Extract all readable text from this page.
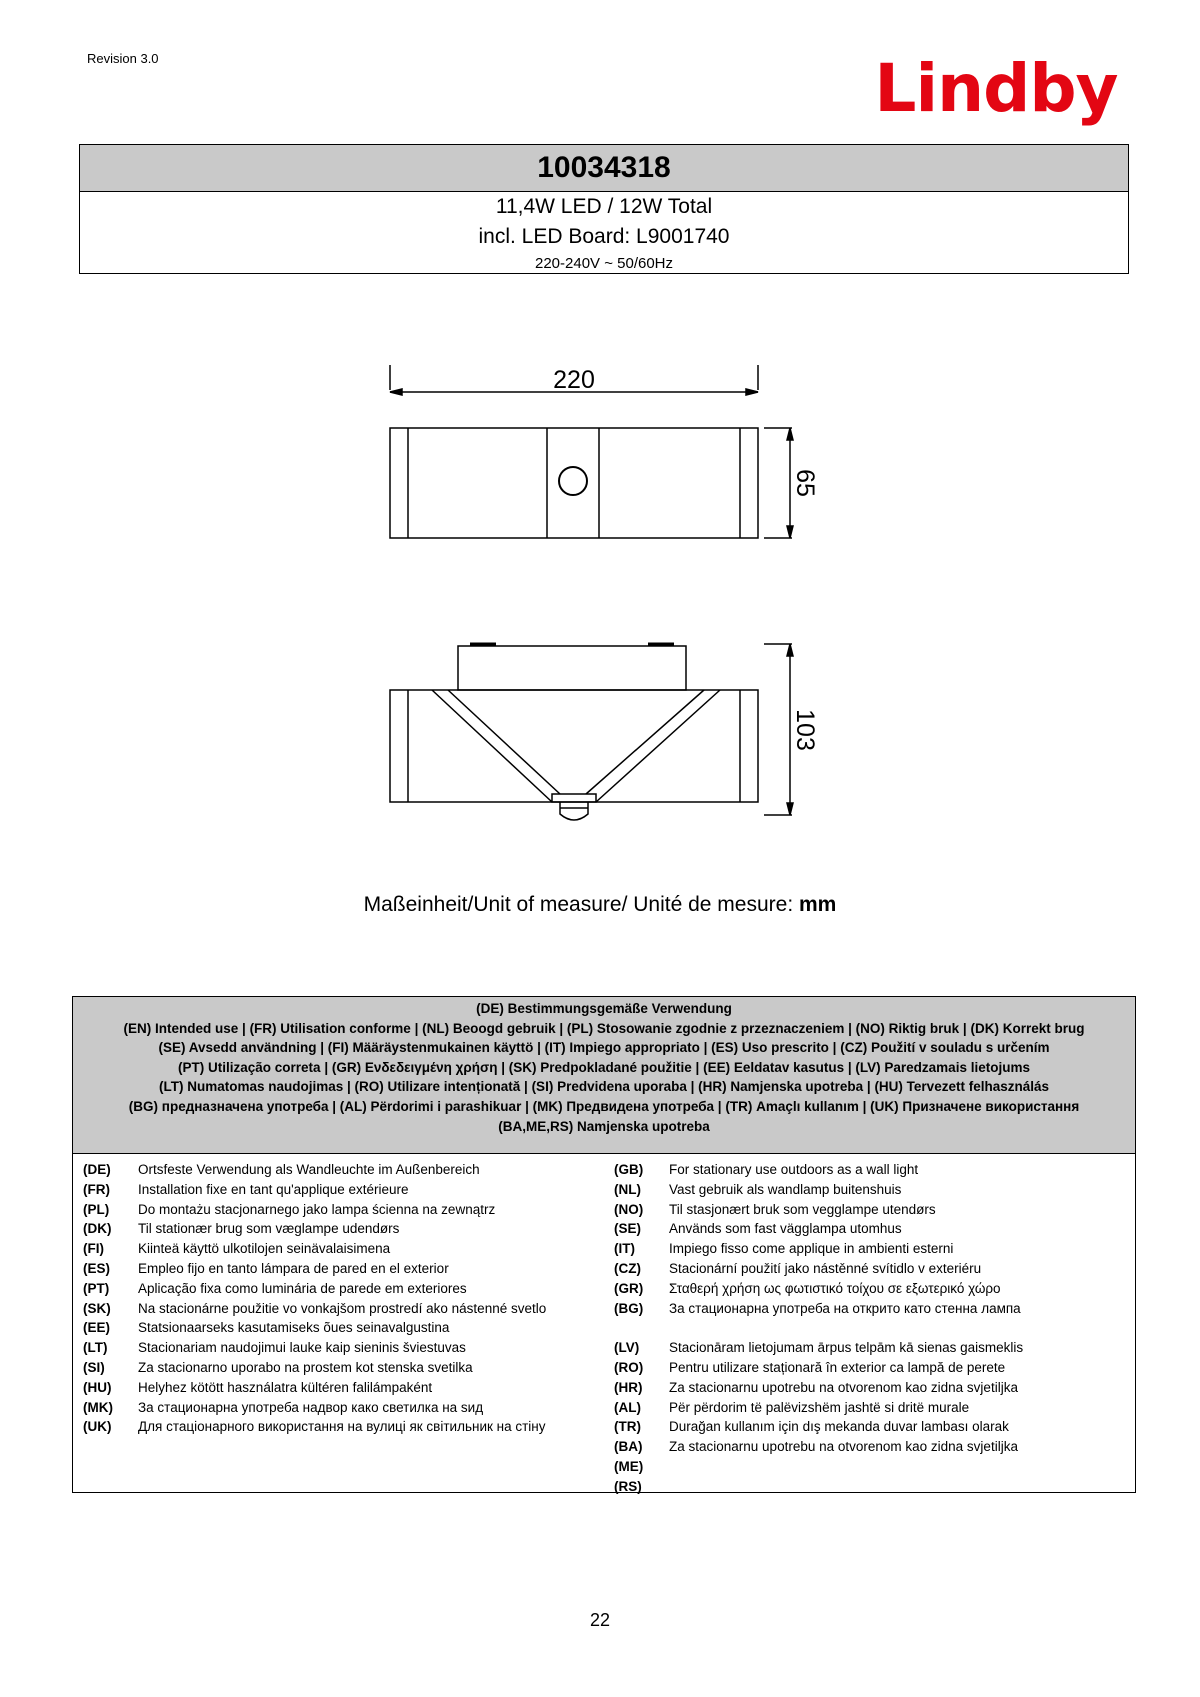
Revision 3.0	Lindby
10034318
11,4W LED / 12W Total
incl. LED Board: L9001740
220-240V ~ 50/60Hz
220
65
103
Maßeinheit/Unit of measure/ Unité de mesure: mm
(DE) Bestimmungsgemäße Verwendung
(EN) Intended use | (FR) Utilisation conforme | (NL) Beoogd gebruik | (PL) Stosowanie zgodnie z przeznaczeniem | (NO) Riktig bruk | (DK) Korrekt brug
(SE) Avsedd användning | (FI) Määräystenmukainen käyttö | (IT) Impiego appropriato | (ES) Uso prescrito | (CZ) Použití v souladu s určením
(PT) Utilização correta | (GR) Ενδεδειγμένη χρήση | (SK) Predpokladané použitie | (EE) Eeldatav kasutus | (LV) Paredzamais lietojums
(LT) Numatomas naudojimas | (RO) Utilizare intenționată | (SI) Predvidena uporaba | (HR) Namjenska upotreba | (HU) Tervezett felhasználás
(BG) предназначена употреба | (AL) Përdorimi i parashikuar | (MK) Предвидена употреба | (TR) Amaçlı kullanım | (UK) Призначене використання
(BA,ME,RS) Namjenska upotreba
(DE)	Ortsfeste Verwendung als Wandleuchte im Außenbereich
(FR)	Installation fixe en tant qu'applique extérieure
(PL)	Do montażu stacjonarnego jako lampa ścienna na zewnątrz
(DK)	Til stationær brug som væglampe udendørs
(FI)	Kiinteä käyttö ulkotilojen seinävalaisimena
(ES)	Empleo fijo en tanto lámpara de pared en el exterior
(PT)	Aplicação fixa como luminária de parede em exteriores
(SK)	Na stacionárne použitie vo vonkajšom prostredí ako nástenné svetlo
(EE)	Statsionaarseks kasutamiseks õues seinavalgustina
(LT)	Stacionariam naudojimui lauke kaip sieninis šviestuvas
(SI)	Za stacionarno uporabo na prostem kot stenska svetilka
(HU)	Helyhez kötött használatra kültéren falilámpaként
(MK)	За стационарна употреба надвор како светилка на ѕид
(UK)	Для стаціонарного використання на вулиці як світильник на стіну
(GB)	For stationary use outdoors as a wall light
(NL)	Vast gebruik als wandlamp buitenshuis
(NO)	Til stasjonært bruk som vegglampe utendørs
(SE)	Används som fast vägglampa utomhus
(IT)	Impiego fisso come applique in ambienti esterni
(CZ)	Stacionární použití jako nástěnné svítidlo v exteriéru
(GR)	Σταθερή χρήση ως φωτιστικό τοίχου σε εξωτερικό χώρο
(BG)	За стационарна употреба на открито като стенна лампа

(LV)	Stacionāram lietojumam ārpus telpām kā sienas gaismeklis
(RO)	Pentru utilizare staționară în exterior ca lampă de perete
(HR)	Za stacionarnu upotrebu na otvorenom kao zidna svjetiljka
(AL)	Për përdorim të palëvizshëm jashtë si dritë murale
(TR)	Durağan kullanım için dış mekanda duvar lambası olarak
(BA)	Za stacionarnu upotrebu na otvorenom kao zidna svjetiljka
(ME)
(RS)
22
